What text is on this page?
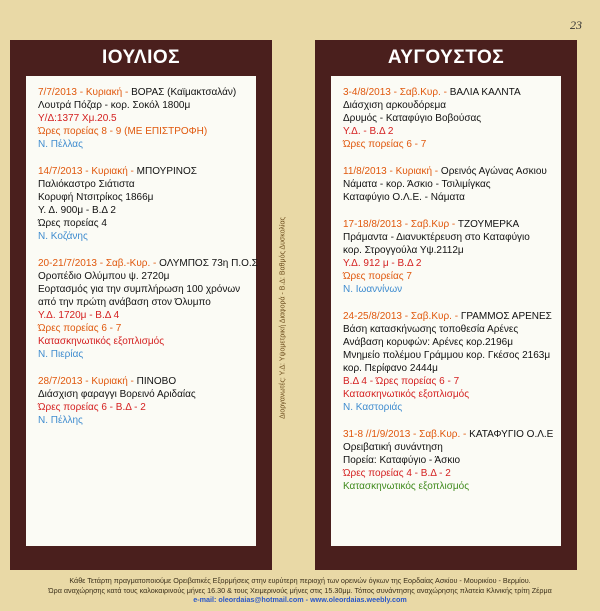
23
ΙΟΥΛΙΟΣ
7/7/2013 - Κυριακή - ΒΟΡΑΣ (Καϊμακτσαλάν)
Λουτρά Πόζαρ - κορ. Σοκόλ 1800μ
Υ/Δ:1377 Χμ.20.5
Ώρες πορείας 8 - 9 (ΜΕ ΕΠΙΣΤΡΟΦΗ)
Ν. Πέλλας
14/7/2013 - Κυριακή - ΜΠΟΥΡΙΝΟΣ
Παλιόκαστρο Σιάτιστα
Κορυφή Ντσιτρίκος 1866μ
Υ. Δ. 900μ - Β.Δ 2
Ώρες πορείας 4
Ν. Κοζάνης
20-21/7/2013 - Σαβ.-Κυρ. - ΟΛΥΜΠΟΣ 73η Π.Ο.Σ
Οροπέδιο Ολύμπου ψ. 2720μ
Εορτασμός για την συμπλήρωση 100 χρόνων
από την πρώτη ανάβαση στον Όλυμπο
Υ.Δ. 1720μ - Β.Δ 4
Ώρες πορείας 6 - 7
Κατασκηνωτικός εξοπλισμός
Ν. Πιερίας
28/7/2013 - Κυριακή - ΠΙΝΟΒΟ
Διάσχιση φαραγγι Βορεινό Αριδαίας
Ώρες πορείας 6 - Β.Δ - 2
Ν. Πέλλης
ΑΥΓΟΥΣΤΟΣ
3-4/8/2013 - Σαβ.Κυρ. - ΒΑΛΙΑ ΚΑΛΝΤΑ
Διάσχιση αρκουδόρεμα
Δρυμός - Καταφύγιο Βοβούσας
Υ.Δ. - Β.Δ 2
Ώρες πορείας 6 - 7
11/8/2013 - Κυριακή - Ορεινός Αγώνας Ασκιου
Νάματα - κορ. Άσκιο - Τσιλιμίγκας
Καταφύγιο Ο.Λ.Ε. - Νάματα
17-18/8/2013 - Σαβ.Κυρ - ΤΖΟΥΜΕΡΚΑ
Πράμαντα - Διανυκτέρευση στο Καταφύγιο
κορ. Στρογγούλα Υψ.2112μ
Υ.Δ. 912 μ - Β.Δ 2
Ώρες πορείας 7
Ν. Ιωαννίνων
24-25/8/2013 - Σαβ.Κυρ. - ΓΡΑΜΜΟΣ ΑΡΕΝΕΣ
Βάση κατασκήνωσης τοποθεσία Αρένες
Ανάβαση κορυφών: Αρένες κορ.2196μ
Μνημείο πολέμου Γράμμου κορ. Γκέσος 2163μ
κορ. Περίφανο 2444μ
Β.Δ 4 - Ώρες πορείας 6 - 7
Κατασκηνωτικός εξοπλισμός
Ν. Καστοριάς
31-8 //1/9/2013 - Σαβ.Κυρ. - ΚΑΤΑΦΥΓΙΟ Ο.Λ.Ε
Ορειβατική συνάντηση
Πορεία: Καταφύγιο - Άσκιο
Ώρες πορείας 4 - Β.Δ - 2
Κατασκηνωτικός εξοπλισμός
Διοργανωτές: Υ.Δ: Υψομετρική Διαφορά - Β.Δ: Βαθμός Δυσκολίας
Κάθε Τετάρτη πραγματοποιούμε Ορειβατικές Εξορμήσεις στην ευρύτερη περιοχή των ορεινών όγκων της Εορδαίας Ασκίου - Μουρικίου - Βερμίου.
Ώρα αναχώρησης κατά τους καλοκαιρινούς μήνες 16.30 & τους Χειμερινούς μήνες στις 15.30μμ. Τόπος συνάντησης αναχώρησης πλατεία Κλινικής τρίτη Ζέρμα
e-mail: oleordaias@hotmail.com - www.oleordaias.weebly.com
